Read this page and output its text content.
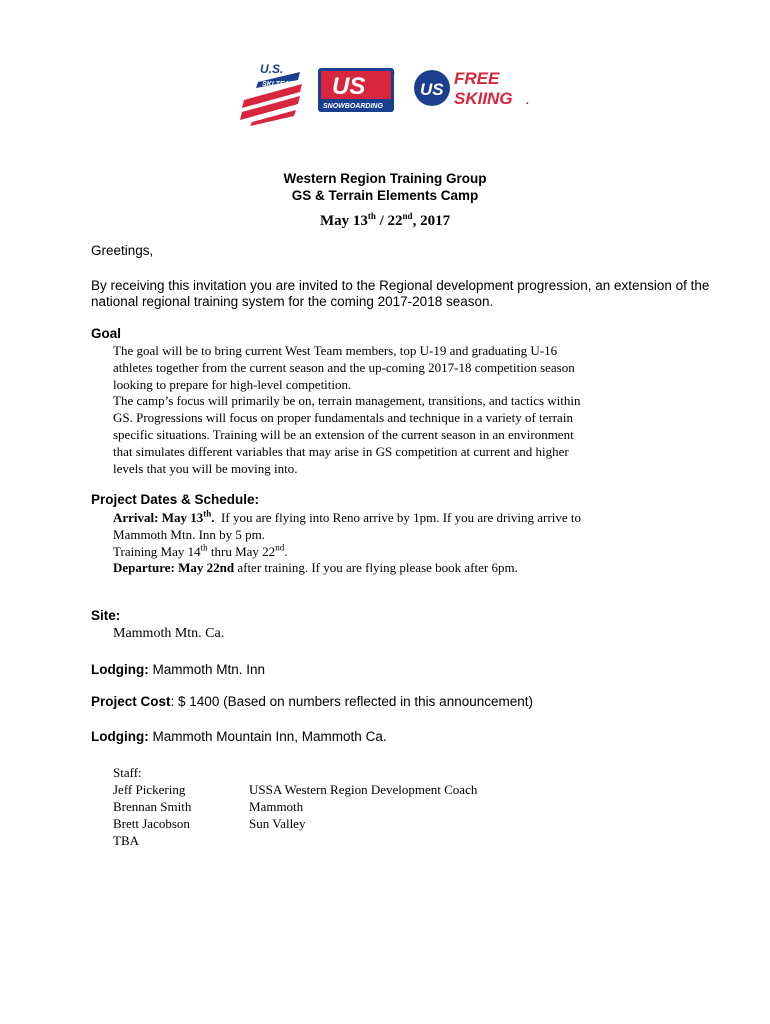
U.S.
SKI TEAM US
SNOWBOARDING
™
US
FREE
SKIING .
Western Region Training Group
GS & Terrain Elements Camp
May 13th / 22nd, 2017
Greetings,
By receiving this invitation you are invited to the Regional development progression, an extension of the national regional training system for the coming 2017-2018 season.
Goal
The goal will be to bring current West Team members, top U-19 and graduating U-16
athletes together from the current season and the up-coming 2017-18 competition season
looking to prepare for high-level competition.
The camp’s focus will primarily be on, terrain management, transitions, and tactics within
GS. Progressions will focus on proper fundamentals and technique in a variety of terrain
specific situations. Training will be an extension of the current season in an environment
that simulates different variables that may arise in GS competition at current and higher
levels that you will be moving into.
Project Dates & Schedule:
Arrival: May 13th.  If you are flying into Reno arrive by 1pm. If you are driving arrive to
Mammoth Mtn. Inn by 5 pm.
Training May 14th thru May 22nd.
Departure: May 22nd after training. If you are flying please book after 6pm.
Site:
Mammoth Mtn. Ca.
Lodging: Mammoth Mtn. Inn
Project Cost: $ 1400 (Based on numbers reflected in this announcement)
Lodging: Mammoth Mountain Inn, Mammoth Ca.
Staff:
Jeff Pickering	USSA Western Region Development Coach
Brennan Smith	Mammoth
Brett Jacobson	Sun Valley
TBA
